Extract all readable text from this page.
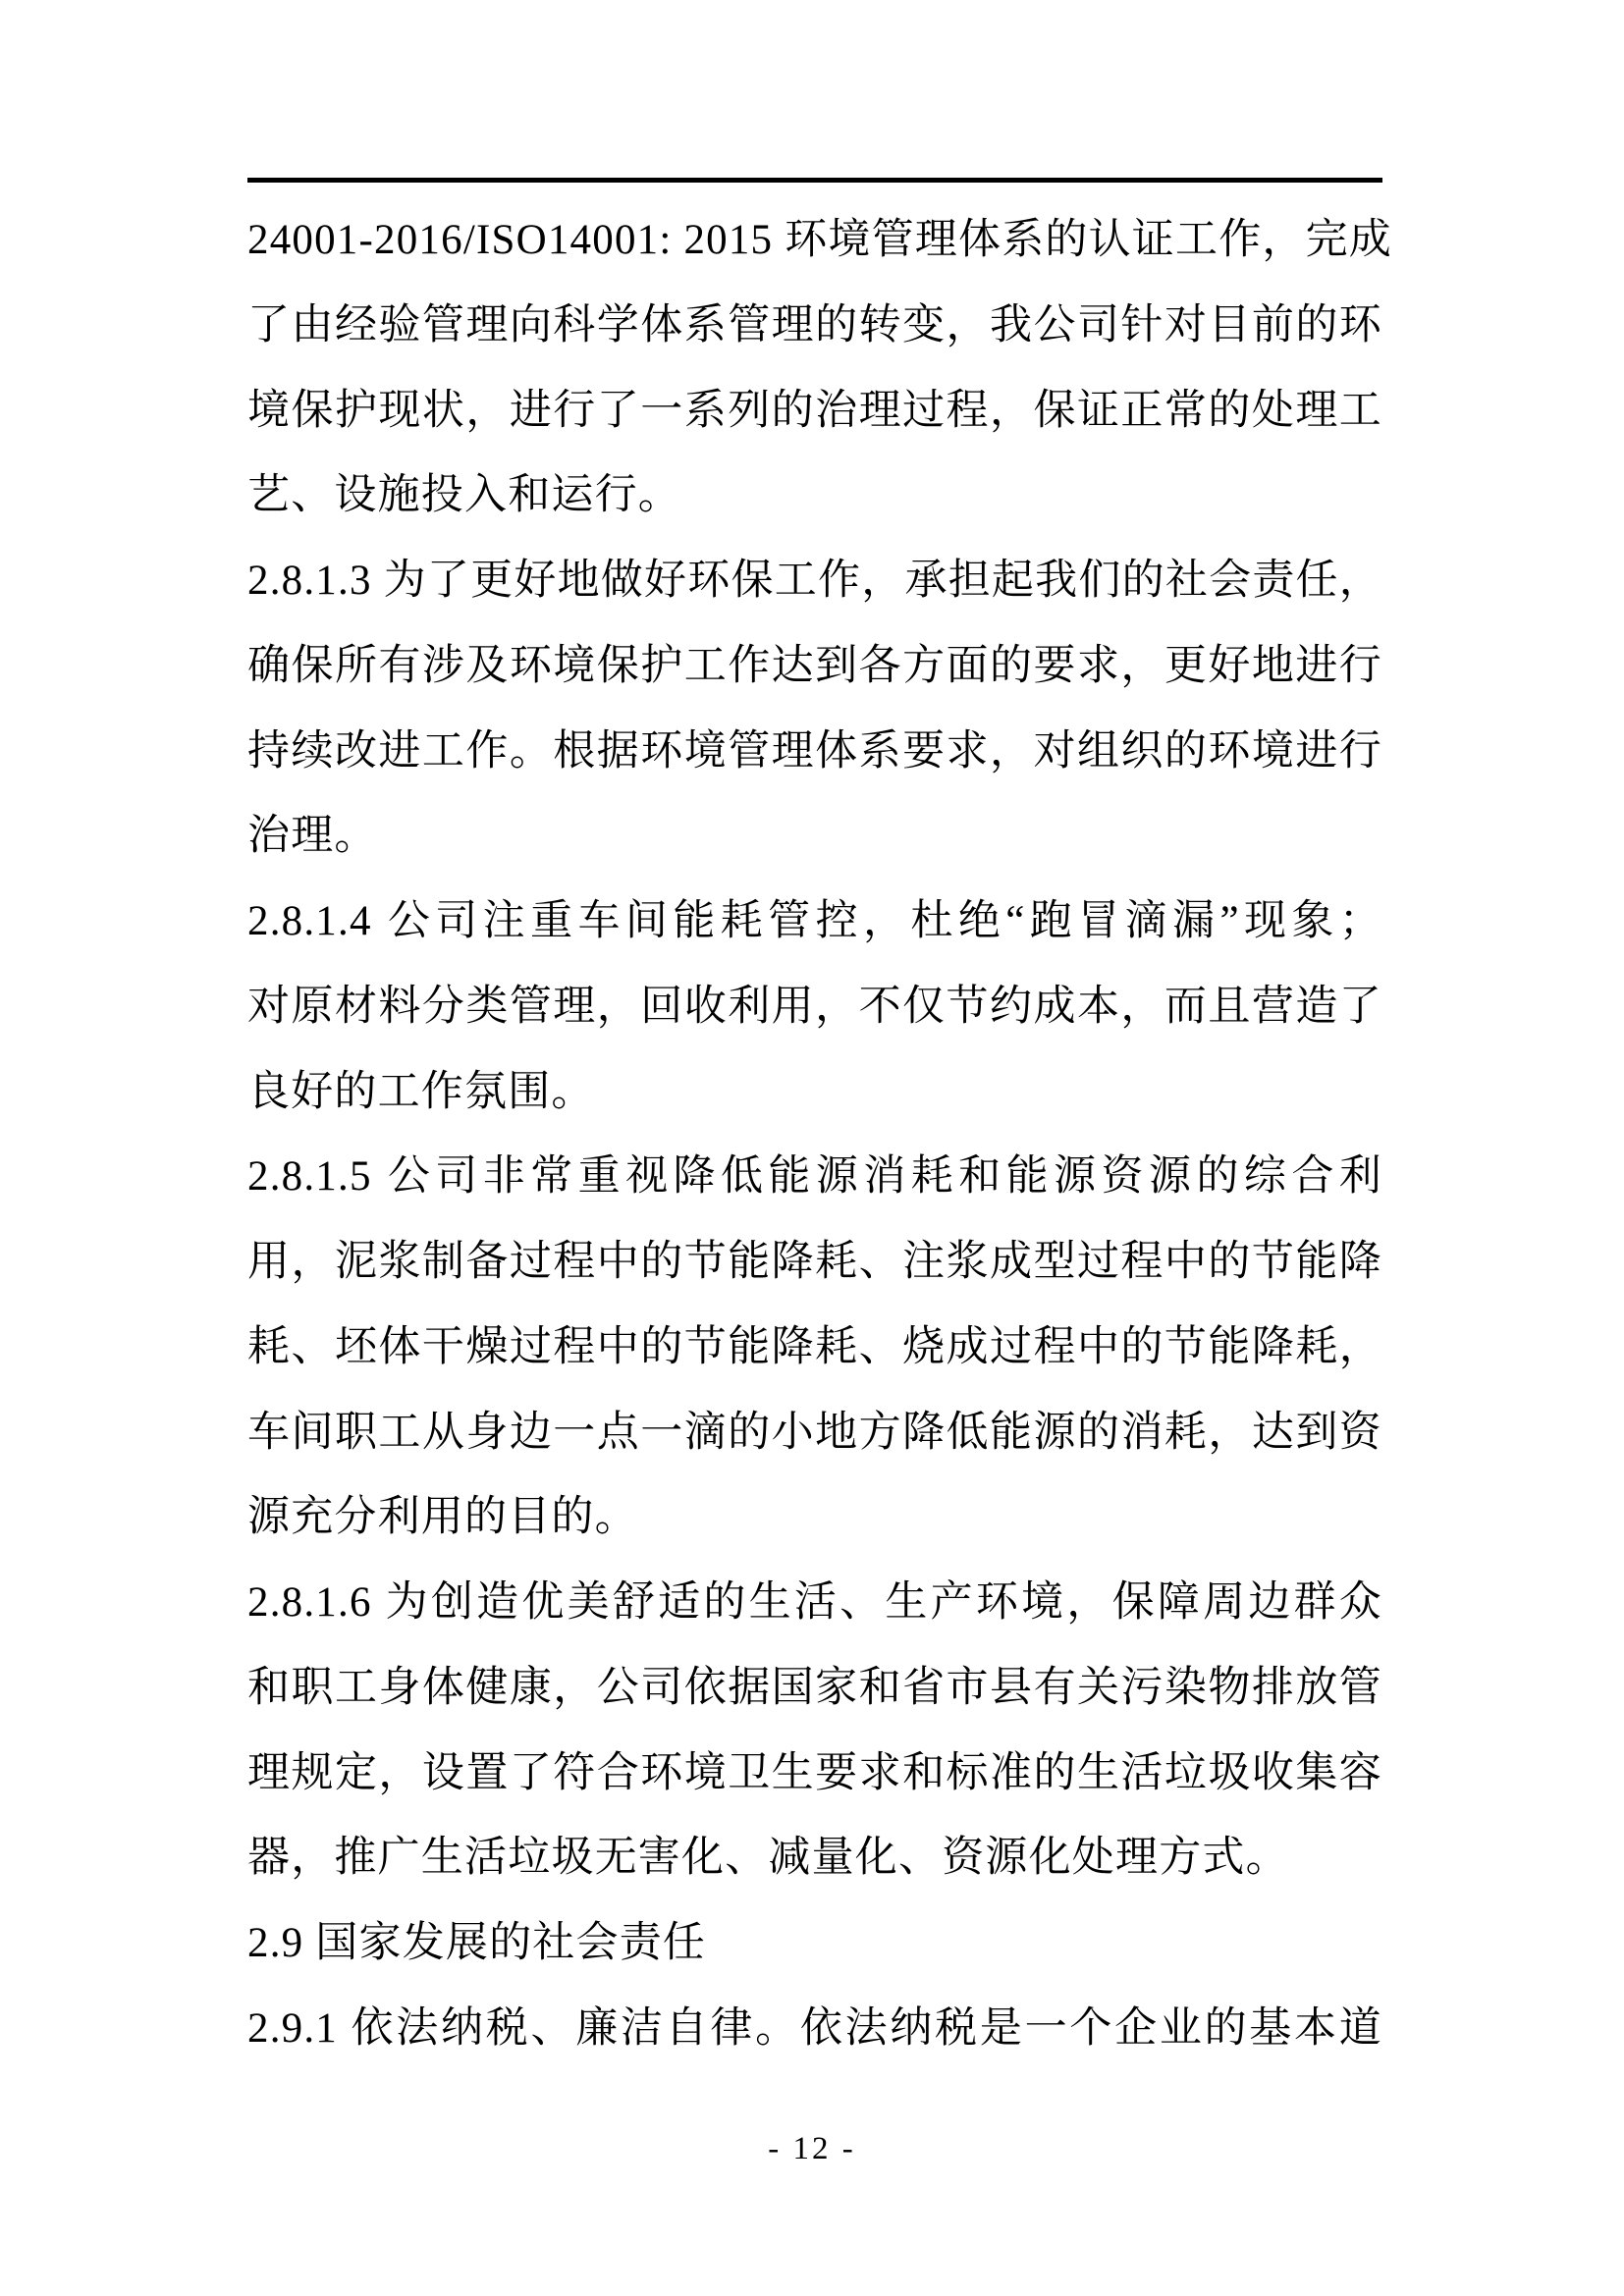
24001-2016/ISO14001: 2015 环境管理体系的认证工作，完成
了由经验管理向科学体系管理的转变，我公司针对目前的环
境保护现状，进行了一系列的治理过程，保证正常的处理工
艺、设施投入和运行。
2.8.1.3 为了更好地做好环保工作，承担起我们的社会责任，
确保所有涉及环境保护工作达到各方面的要求，更好地进行
持续改进工作。根据环境管理体系要求，对组织的环境进行
治理。
2.8.1.4 公司注重车间能耗管控，杜绝“跑冒滴漏”现象；
对原材料分类管理，回收利用，不仅节约成本，而且营造了
良好的工作氛围。
2.8.1.5 公司非常重视降低能源消耗和能源资源的综合利
用，泥浆制备过程中的节能降耗、注浆成型过程中的节能降
耗、坯体干燥过程中的节能降耗、烧成过程中的节能降耗，
车间职工从身边一点一滴的小地方降低能源的消耗，达到资
源充分利用的目的。
2.8.1.6 为创造优美舒适的生活、生产环境，保障周边群众
和职工身体健康，公司依据国家和省市县有关污染物排放管
理规定，设置了符合环境卫生要求和标准的生活垃圾收集容
器，推广生活垃圾无害化、减量化、资源化处理方式。
2.9 国家发展的社会责任
2.9.1 依法纳税、廉洁自律。依法纳税是一个企业的基本道
- 12 -
